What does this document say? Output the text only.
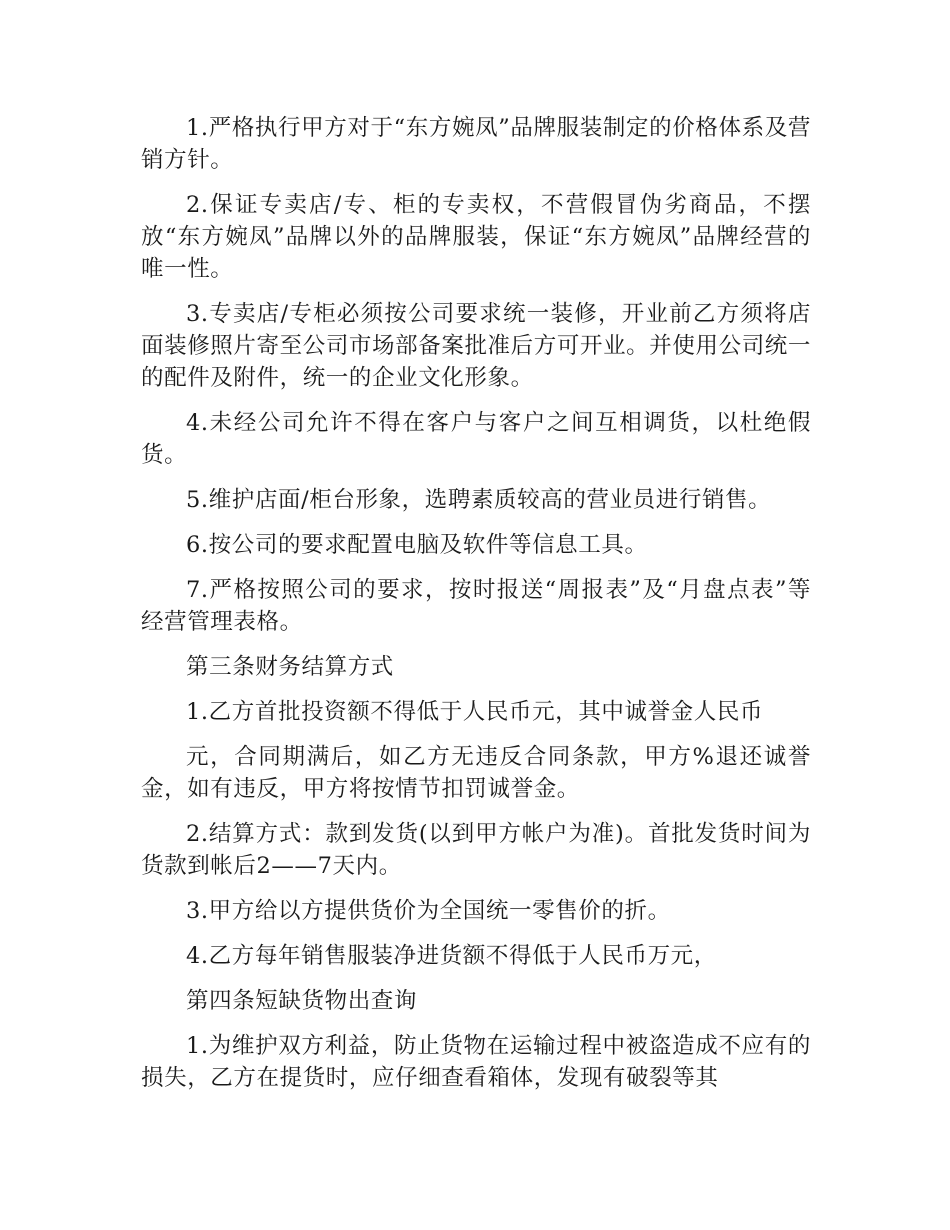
1.严格执行甲方对于“东方婉凤”品牌服装制定的价格体系及营销方针。

2.保证专卖店/专、柜的专卖权，不营假冒伪劣商品，不摆放“东方婉凤”品牌以外的品牌服装，保证“东方婉凤”品牌经营的唯一性。

3.专卖店/专柜必须按公司要求统一装修，开业前乙方须将店面装修照片寄至公司市场部备案批准后方可开业。并使用公司统一的配件及附件，统一的企业文化形象。

4.未经公司允许不得在客户与客户之间互相调货，以杜绝假货。

5.维护店面/柜台形象，选聘素质较高的营业员进行销售。

6.按公司的要求配置电脑及软件等信息工具。

7.严格按照公司的要求，按时报送“周报表”及“月盘点表”等经营管理表格。

第三条财务结算方式

1.乙方首批投资额不得低于人民币元，其中诚誉金人民币

元，合同期满后，如乙方无违反合同条款，甲方%退还诚誉金，如有违反，甲方将按情节扣罚诚誉金。

2.结算方式：款到发货(以到甲方帐户为准)。首批发货时间为货款到帐后2——7天内。

3.甲方给以方提供货价为全国统一零售价的折。

4.乙方每年销售服装净进货额不得低于人民币万元，

第四条短缺货物出查询

1.为维护双方利益，防止货物在运输过程中被盗造成不应有的损失，乙方在提货时，应仔细查看箱体，发现有破裂等其
